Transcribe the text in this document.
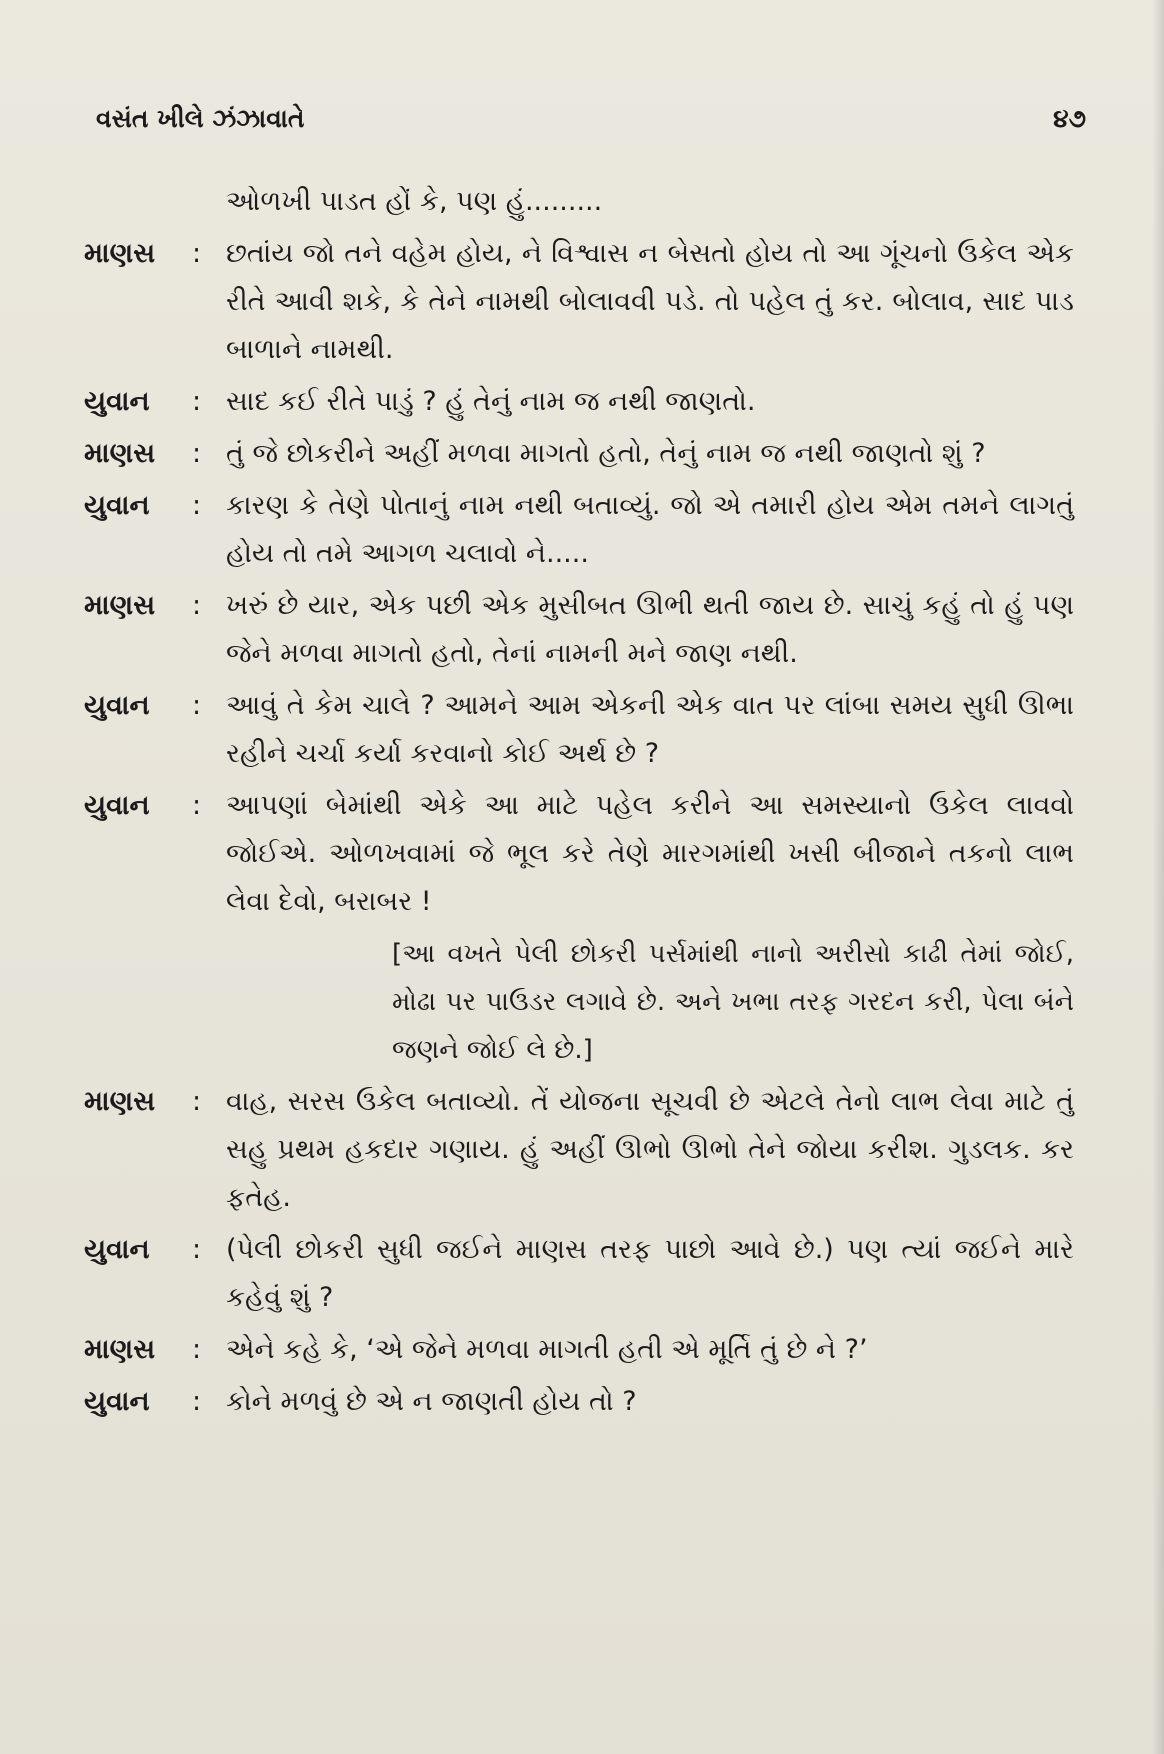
વસંત ખીલે ઝંઝાવાતે	૪૭
ઓળખી પાડત હોં કે, પણ હું.........
માણસ	: છતાંય જો તને વહેમ હોય, ને વિશ્વાસ ન બેસતો હોય તો આ ગૂંચનો ઉકેલ એક રીતે આવી શકે, કે તેને નામથી બોલાવવી પડે. તો પહેલ તું કર. બોલાવ, સાદ પાડ બાળાને નામથી.
યુવાન	: સાદ કઈ રીતે પાડું ? હું તેનું નામ જ નથી જાણતો.
માણસ	: તું જે છોકરીને અહીં મળવા માગતો હતો, તેનું નામ જ નથી જાણતો શું ?
યુવાન	: કારણ કે તેણે પોતાનું નામ નથી બતાવ્યું. જો એ તમારી હોય એમ તમને લાગતું હોય તો તમે આગળ ચલાવો ને.....
માણસ	: ખરું છે યાર, એક પછી એક મુસીબત ઊભી થતી જાય છે. સાચું કહું તો હું પણ જેને મળવા માગતો હતો, તેનાં નામની મને જાણ નથી.
યુવાન	: આવું તે કેમ ચાલે ? આમને આમ એકની એક વાત પર લાંબા સમય સુધી ઊભા રહીને ચર્ચા કર્યા કરવાનો કોઈ અર્થ છે ?
યુવાન	: આપણાં બેમાંથી એકે આ માટે પહેલ કરીને આ સમસ્યાનો ઉકેલ લાવવો જોઈએ. ઓળખવામાં જે ભૂલ કરે તેણે મારગમાંથી ખસી બીજાને તકનો લાભ લેવા દેવો, બરાબર !
[આ વખતે પેલી છોકરી પર્સમાંથી નાનો અરીસો કાઢી તેમાં જોઈ, મોઢા પર પાઉડર લગાવે છે. અને ખભા તરફ ગરદન કરી, પેલા બંને જણને જોઈ લે છે.]
માણસ	: વાહ, સરસ ઉકેલ બતાવ્યો. તેં યોજના સૂચવી છે એટલે તેનો લાભ લેવા માટે તું સહુ પ્રથમ હકદાર ગણાય. હું અહીં ઊભો ઊભો તેને જોયા કરીશ. ગુડલક. કર ફતેહ.
યુવાન	: (પેલી છોકરી સુધી જઈને માણસ તરફ પાછો આવે છે.) પણ ત્યાં જઈને મારે કહેવું શું ?
માણસ	: એને કહે કે, ‘એ જેને મળવા માગતી હતી એ મૂર્તિ તું છે ને ?’
યુવાન	: કોને મળવું છે એ ન જાણતી હોય તો ?
